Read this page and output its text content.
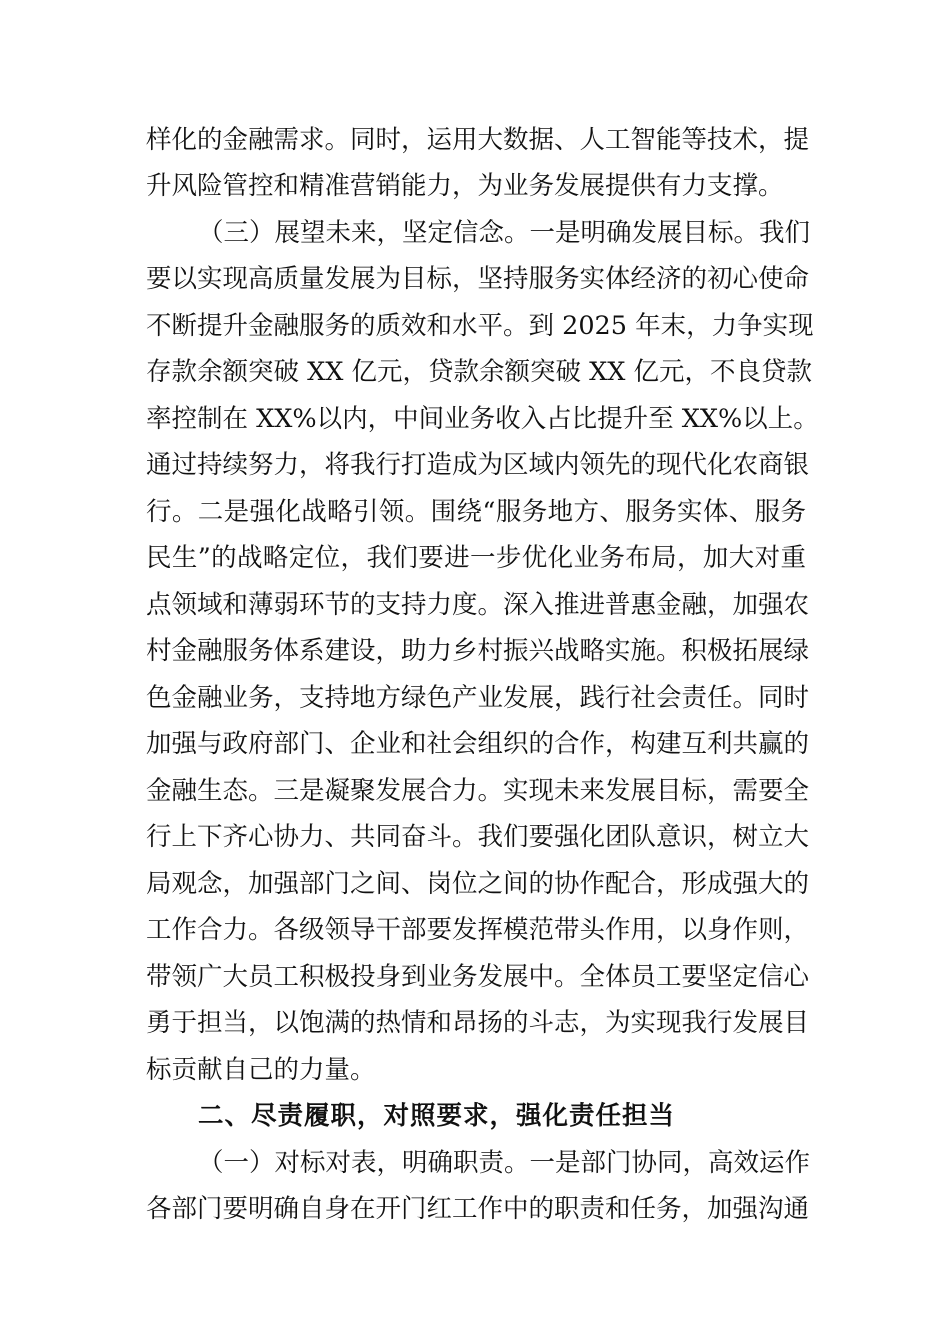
样化的金融需求。同时，运用大数据、人工智能等技术，提
升风险管控和精准营销能力，为业务发展提供有力支撑。
（三）展望未来，坚定信念。一是明确发展目标。我们
要以实现高质量发展为目标，坚持服务实体经济的初心使命
不断提升金融服务的质效和水平。到 2025 年末，力争实现
存款余额突破 XX 亿元，贷款余额突破 XX 亿元，不良贷款
率控制在 XX%以内，中间业务收入占比提升至 XX%以上。
通过持续努力，将我行打造成为区域内领先的现代化农商银
行。二是强化战略引领。围绕“服务地方、服务实体、服务
民生”的战略定位，我们要进一步优化业务布局，加大对重
点领域和薄弱环节的支持力度。深入推进普惠金融，加强农
村金融服务体系建设，助力乡村振兴战略实施。积极拓展绿
色金融业务，支持地方绿色产业发展，践行社会责任。同时
加强与政府部门、企业和社会组织的合作，构建互利共赢的
金融生态。三是凝聚发展合力。实现未来发展目标，需要全
行上下齐心协力、共同奋斗。我们要强化团队意识，树立大
局观念，加强部门之间、岗位之间的协作配合，形成强大的
工作合力。各级领导干部要发挥模范带头作用，以身作则，
带领广大员工积极投身到业务发展中。全体员工要坚定信心
勇于担当，以饱满的热情和昂扬的斗志，为实现我行发展目
标贡献自己的力量。
二、尽责履职，对照要求，强化责任担当
（一）对标对表，明确职责。一是部门协同，高效运作
各部门要明确自身在开门红工作中的职责和任务，加强沟通
